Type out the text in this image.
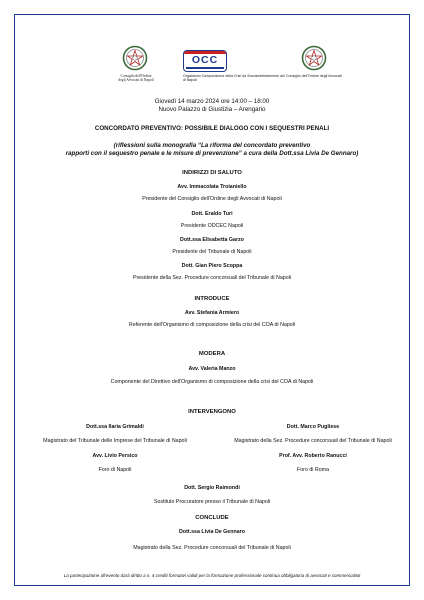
Consiglio dell'Ordine
degli Avvocati di Napoli
OCC
Organismo Composizione della Crisi da Sovraindebitamento del Consiglio dell'Ordine degli Avvocati di Napoli
Giovedì 14 marzo 2024 ore 14:00 – 18:00
Nuovo Palazzo di Giustizia – Arengario
CONCORDATO PREVENTIVO: POSSIBILE DIALOGO CON I SEQUESTRI PENALI
(riflessioni sulla monografia “La riforma del concordato preventivo
rapporti con il sequestro penale e le misure di prevenzione” a cura della Dott.ssa Livia De Gennaro)
INDIRIZZI DI SALUTO
Avv. Immacolata Troianiello
Presidente del Consiglio dell'Ordine degli Avvocati di Napoli
Dott. Eraldo Turi
Presidente ODCEC Napoli
Dott.ssa Elisabetta Garzo
Presidente del Tribunale di Napoli
Dott. Gian Piero Scoppa
Presidente della Sez. Procedure concorsuali del Tribunale di Napoli
INTRODUCE
Avv. Stefania Armiero
Referente dell'Organismo di composizione della crisi del COA di Napoli
MODERA
Avv. Valeria Manzo
Componente del Direttivo dell'Organismo di composizione della crisi del COA di Napoli
INTERVENGONO
Dott.ssa Ilaria Grimaldi	Dott. Marco Pugliese
Magistrato del Tribunale delle Imprese del Tribunale di Napoli	Magistrato della Sez. Procedure concorsuali del Tribunale di Napoli
Avv. Livio Persico	Prof. Avv. Roberto Ranucci
Foro di Napoli	Foro di Roma
Dott. Sergio Raimondi
Sostituto Procuratore presso il Tribunale di Napoli
CONCLUDE
Dott.ssa Livia De Gennaro
Magistrato della Sez. Procedure concorsuali del Tribunale di Napoli
La partecipazione all'evento darà diritto a n. 4 crediti formativi validi per la formazione professionale continua obbligatoria di avvocati e commercialisti
